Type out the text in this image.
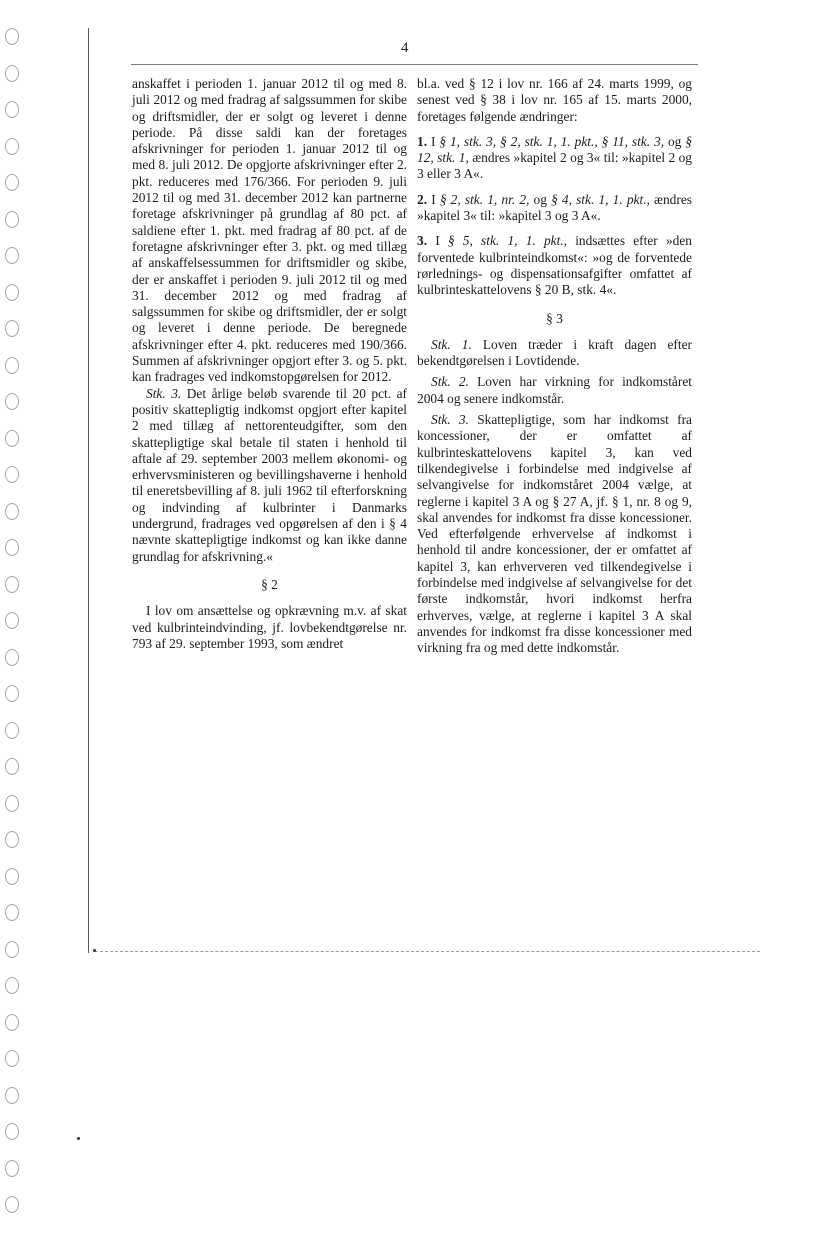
4

anskaffet i perioden 1. januar 2012 til og med 8. juli 2012 og med fradrag af salgssummen for skibe og driftsmidler, der er solgt og leveret i denne periode. På disse saldi kan der foretages afskrivninger for perioden 1. januar 2012 til og med 8. juli 2012. De opgjorte afskrivninger efter 2. pkt. reduceres med 176/366. For perioden 9. juli 2012 til og med 31. december 2012 kan partnerne foretage afskrivninger på grundlag af 80 pct. af saldiene efter 1. pkt. med fradrag af 80 pct. af de foretagne afskrivninger efter 3. pkt. og med tillæg af anskaffelsessummen for driftsmidler og skibe, der er anskaffet i perioden 9. juli 2012 til og med 31. december 2012 og med fradrag af salgssummen for skibe og driftsmidler, der er solgt og leveret i denne periode. De beregnede afskrivninger efter 4. pkt. reduceres med 190/366. Summen af afskrivninger opgjort efter 3. og 5. pkt. kan fradrages ved indkomstopgørelsen for 2012.

Stk. 3. Det årlige beløb svarende til 20 pct. af positiv skattepligtig indkomst opgjort efter kapitel 2 med tillæg af nettorenteudgifter, som den skattepligtige skal betale til staten i henhold til aftale af 29. september 2003 mellem økonomi- og erhvervsministeren og bevillingshaverne i henhold til eneretsbevilling af 8. juli 1962 til efterforskning og indvinding af kulbrinter i Danmarks undergrund, fradrages ved opgørelsen af den i § 4 nævnte skattepligtige indkomst og kan ikke danne grundlag for afskrivning.«

§ 2

I lov om ansættelse og opkrævning m.v. af skat ved kulbrinteindvinding, jf. lovbekendtgørelse nr. 793 af 29. september 1993, som ændret

bl.a. ved § 12 i lov nr. 166 af 24. marts 1999, og senest ved § 38 i lov nr. 165 af 15. marts 2000, foretages følgende ændringer:

1. I § 1, stk. 3, § 2, stk. 1, 1. pkt., § 11, stk. 3, og § 12, stk. 1, ændres »kapitel 2 og 3« til: »kapitel 2 og 3 eller 3 A«.

2. I § 2, stk. 1, nr. 2, og § 4, stk. 1, 1. pkt., ændres »kapitel 3« til: »kapitel 3 og 3 A«.

3. I § 5, stk. 1, 1. pkt., indsættes efter »den forventede kulbrinteindkomst«: »og de forventede rørlednings- og dispensationsafgifter omfattet af kulbrinteskattelovens § 20 B, stk. 4«.

§ 3

Stk. 1. Loven træder i kraft dagen efter bekendtgørelsen i Lovtidende.

Stk. 2. Loven har virkning for indkomståret 2004 og senere indkomstår.

Stk. 3. Skattepligtige, som har indkomst fra koncessioner, der er omfattet af kulbrinteskattelovens kapitel 3, kan ved tilkendegivelse i forbindelse med indgivelse af selvangivelse for indkomståret 2004 vælge, at reglerne i kapitel 3 A og § 27 A, jf. § 1, nr. 8 og 9, skal anvendes for indkomst fra disse koncessioner. Ved efterfølgende erhvervelse af indkomst i henhold til andre koncessioner, der er omfattet af kapitel 3, kan erhververen ved tilkendegivelse i forbindelse med indgivelse af selvangivelse for det første indkomstår, hvori indkomst herfra erhverves, vælge, at reglerne i kapitel 3 A skal anvendes for indkomst fra disse koncessioner med virkning fra og med dette indkomstår.
